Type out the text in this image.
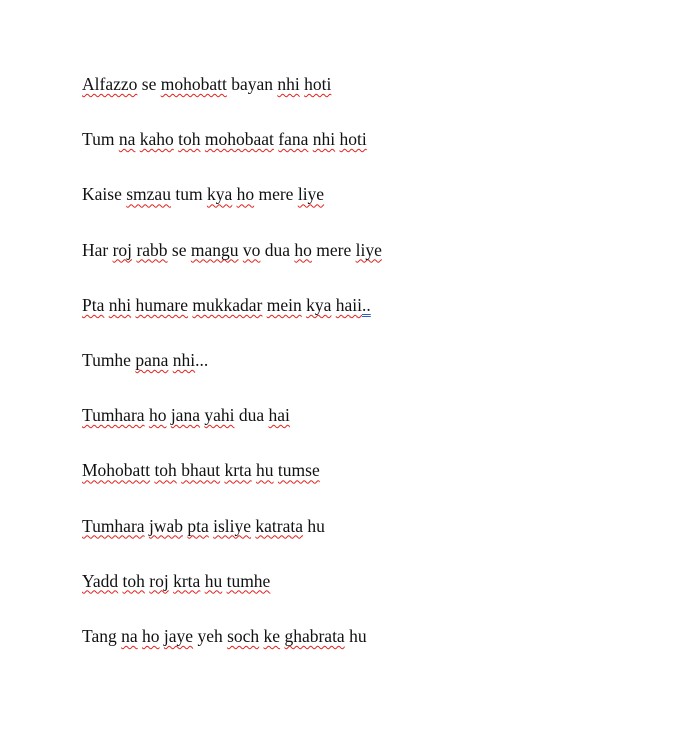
Alfazzo se mohobatt bayan nhi hoti
Tum na kaho toh mohobaat fana nhi hoti
Kaise smzau tum kya ho mere liye
Har roj rabb se mangu vo dua ho mere liye
Pta nhi humare mukkadar mein kya haii..
Tumhe pana nhi...
Tumhara ho jana yahi dua hai
Mohobatt toh bhaut krta hu tumse
Tumhara jwab pta isliye katrata hu
Yadd toh roj krta hu tumhe
Tang na ho jaye yeh soch ke ghabrata hu
